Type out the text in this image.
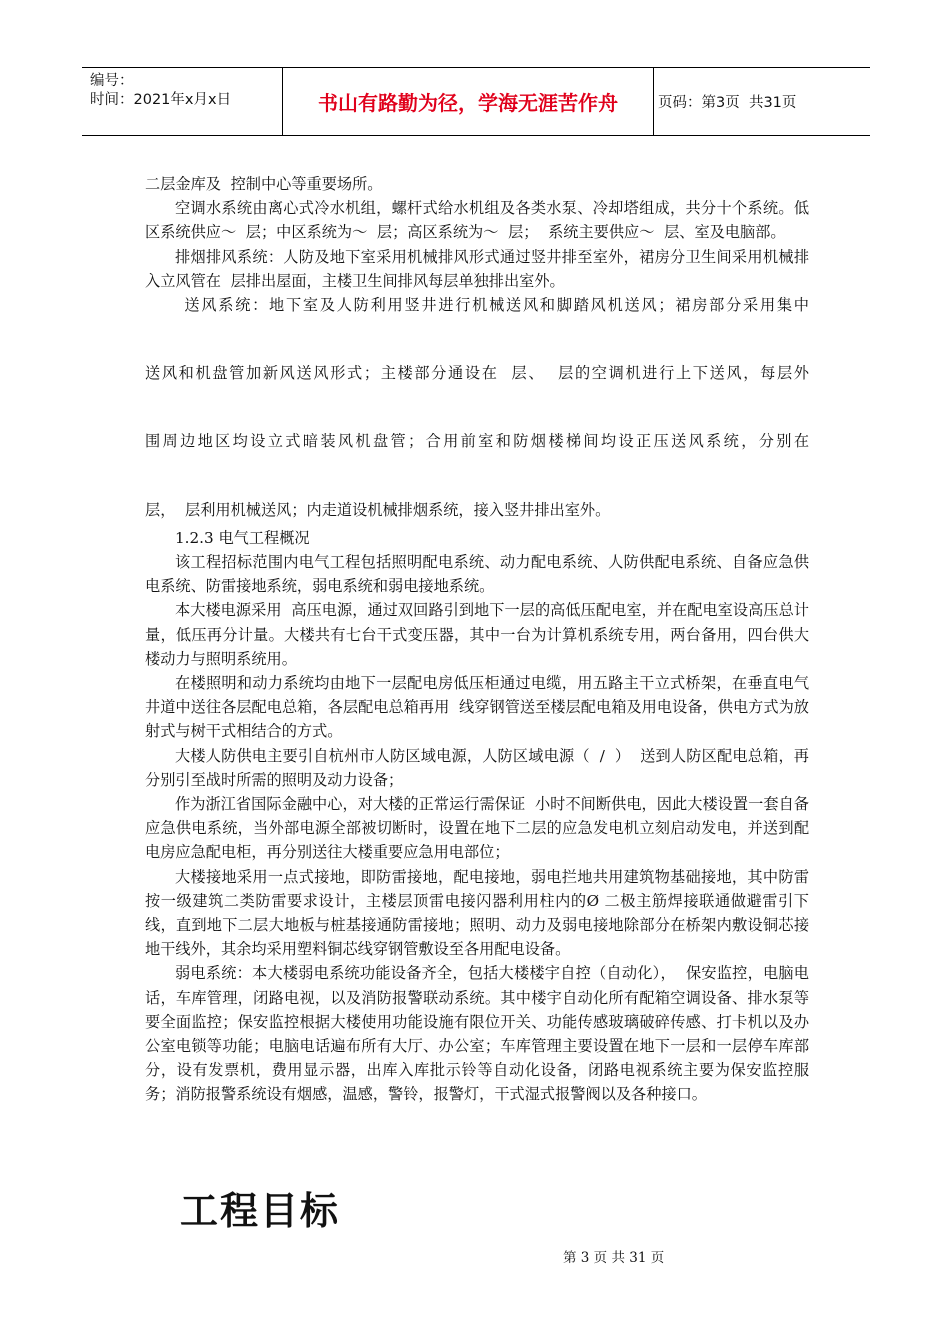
编号：
时间：2021年x月x日	书山有路勤为径，学海无涯苦作舟	页码：第3页  共31页

二层金库及  控制中心等重要场所。

空调水系统由离心式冷水机组，螺杆式给水机组及各类水泵、冷却塔组成，共分十个系统。低区系统供应～  层；中区系统为～  层；高区系统为～  层；  系统主要供应～  层、室及电脑部。

排烟排风系统：人防及地下室采用机械排风形式通过竖井排至室外，裙房分卫生间采用机械排入立风管在  层排出屋面，主楼卫生间排风每层单独排出室外。

送风系统：地下室及人防利用竖井进行机械送风和脚踏风机送风；裙房部分采用集中
送风和机盘管加新风送风形式；主楼部分通设在  层、  层的空调机进行上下送风，每层外
围周边地区均设立式暗装风机盘管；合用前室和防烟楼梯间均设正压送风系统，分别在
层，  层利用机械送风；内走道设机械排烟系统，接入竖井排出室外。
1.2.3 电气工程概况

该工程招标范围内电气工程包括照明配电系统、动力配电系统、人防供配电系统、自备应急供电系统、防雷接地系统，弱电系统和弱电接地系统。

本大楼电源采用  高压电源，通过双回路引到地下一层的高低压配电室，并在配电室设高压总计量，低压再分计量。大楼共有七台干式变压器，其中一台为计算机系统专用，两台备用，四台供大楼动力与照明系统用。

在楼照明和动力系统均由地下一层配电房低压柜通过电缆，用五路主干立式桥架，在垂直电气井道中送往各层配电总箱，各层配电总箱再用  线穿钢管送至楼层配电箱及用电设备，供电方式为放射式与树干式相结合的方式。

大楼人防供电主要引自杭州市人防区域电源，人防区域电源（  /  ）  送到人防区配电总箱，再分别引至战时所需的照明及动力设备；

作为浙江省国际金融中心，对大楼的正常运行需保证  小时不间断供电，因此大楼设置一套自备应急供电系统，当外部电源全部被切断时，设置在地下二层的应急发电机立刻启动发电，并送到配电房应急配电柜，再分别送往大楼重要应急用电部位；

大楼接地采用一点式接地，即防雷接地，配电接地，弱电拦地共用建筑物基础接地，其中防雷按一级建筑二类防雷要求设计，主楼层顶雷电接闪器利用柱内的Ø 二极主筋焊接联通做避雷引下线，直到地下二层大地板与桩基接通防雷接地；照明、动力及弱电接地除部分在桥架内敷设铜芯接地干线外，其余均采用塑料铜芯线穿钢管敷设至各用配电设备。

弱电系统：本大楼弱电系统功能设备齐全，包括大楼楼宇自控（自动化），  保安监控，电脑电话，车库管理，闭路电视，以及消防报警联动系统。其中楼宇自动化所有配箱空调设备、排水泵等要全面监控；保安监控根据大楼使用功能设施有限位开关、功能传感玻璃破碎传感、打卡机以及办公室电锁等功能；电脑电话遍布所有大厅、办公室；车库管理主要设置在地下一层和一层停车库部分，设有发票机，费用显示器，出库入库批示铃等自动化设备，闭路电视系统主要为保安监控服务；消防报警系统设有烟感，温感，警铃，报警灯，干式湿式报警阀以及各种接口。

工程目标
第 3 页 共 31 页
